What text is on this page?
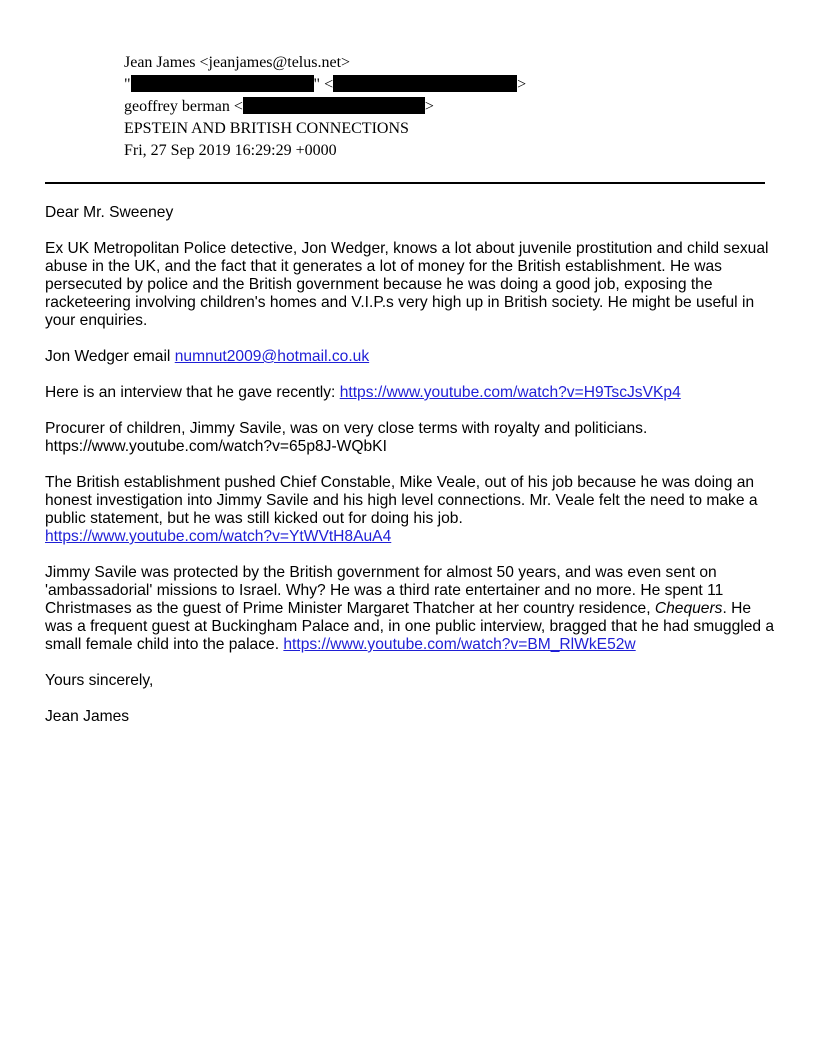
Jean James <jeanjames@telus.net>
"	" <	>
geoffrey berman <	>
EPSTEIN AND BRITISH CONNECTIONS
Fri, 27 Sep 2019 16:29:29 +0000

Dear Mr. Sweeney

Ex UK Metropolitan Police detective, Jon Wedger, knows a lot about juvenile prostitution and child sexual abuse in the UK, and the fact that it generates a lot of money for the British establishment. He was persecuted by police and the British government because he was doing a good job, exposing the racketeering involving children's homes and V.I.P.s very high up in British society. He might be useful in your enquiries.

Jon Wedger email numnut2009@hotmail.co.uk

Here is an interview that he gave recently: https://www.youtube.com/watch?v=H9TscJsVKp4

Procurer of children, Jimmy Savile, was on very close terms with royalty and politicians.
https://www.youtube.com/watch?v=65p8J-WQbKI

The British establishment pushed Chief Constable, Mike Veale, out of his job because he was doing an honest investigation into Jimmy Savile and his high level connections. Mr. Veale felt the need to make a public statement, but he was still kicked out for doing his job.
https://www.youtube.com/watch?v=YtWVtH8AuA4

Jimmy Savile was protected by the British government for almost 50 years, and was even sent on 'ambassadorial' missions to Israel. Why? He was a third rate entertainer and no more. He spent 11 Christmases as the guest of Prime Minister Margaret Thatcher at her country residence, Chequers. He was a frequent guest at Buckingham Palace and, in one public interview, bragged that he had smuggled a small female child into the palace. https://www.youtube.com/watch?v=BM_RlWkE52w

Yours sincerely,

Jean James
